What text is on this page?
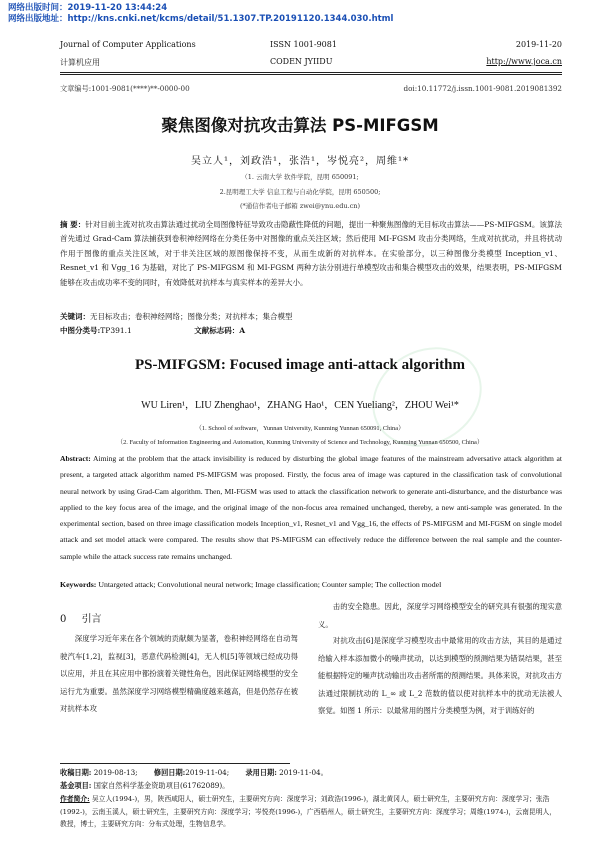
网络出版时间：2019-11-20 13:44:24
网络出版地址：http://kns.cnki.net/kcms/detail/51.1307.TP.20191120.1344.030.html
Journal of Computer Applications	ISSN 1001-9081	2019-11-20
计算机应用	CODEN JYIIDU	http://www.joca.cn
文章编号:1001-9081(****)**-0000-00	doi:10.11772/j.issn.1001-9081.2019081392
聚焦图像对抗攻击算法 PS-MIFGSM
吴立人¹，刘政浩¹，张浩¹，岑悦亮²，周维¹*
（1. 云南大学 软件学院，昆明 650091;
2.昆明理工大学 信息工程与自动化学院，昆明 650500;
(*通信作者电子邮箱 zwei@ynu.edu.cn)
摘 要：针对目前主流对抗攻击算法通过扰动全局图像特征导致攻击隐蔽性降低的问题，提出一种聚焦图像的无目标攻击算法——PS-MIFGSM。该算法首先通过 Grad-Cam 算法捕获到卷积神经网络在分类任务中对图像的重点关注区域；然后使用 MI-FGSM 攻击分类网络，生成对抗扰动，并且将扰动作用于图像的重点关注区域，对于非关注区域的原图像保持不变，从而生成新的对抗样本。在实验部分，以三种图像分类模型 Inception_v1、Resnet_v1 和 Vgg_16 为基础，对比了 PS-MIFGSM 和 MI-FGSM 两种方法分别进行单模型攻击和集合模型攻击的效果，结果表明，PS-MIFGSM 能够在攻击成功率不变的同时，有效降低对抗样本与真实样本的差异大小。
关键词：无目标攻击；卷积神经网络；图像分类；对抗样本；集合模型
中图分类号:TP391.1	文献标志码：A
PS-MIFGSM: Focused image anti-attack algorithm
WU Liren¹，LIU Zhenghao¹，ZHANG Hao¹，CEN Yueliang²，ZHOU Wei¹*
（1. School of software，Yunnan University, Kunming Yunnan 650091, China）
（2. Faculty of Information Engineering and Automation, Kunming University of Science and Technology, Kunming Yunnan 650500, China）
Abstract: Aiming at the problem that the attack invisibility is reduced by disturbing the global image features of the mainstream adversative attack algorithm at present, a targeted attack algorithm named PS-MIFGSM was proposed. Firstly, the focus area of image was captured in the classification task of convolutional neural network by using Grad-Cam algorithm. Then, MI-FGSM was used to attack the classification network to generate anti-disturbance, and the disturbance was applied to the key focus area of the image, and the original image of the non-focus area remained unchanged, thereby, a new anti-sample was generated. In the experimental section, based on three image classification models Inception_v1, Resnet_v1 and Vgg_16, the effects of PS-MIFGSM and MI-FGSM on single model attack and set model attack were compared. The results show that PS-MIFGSM can effectively reduce the difference between the real sample and the counter-sample while the attack success rate remains unchanged.
Keywords: Untargeted attack; Convolutional neural network; Image classification; Counter sample; The collection model
0 引言
深度学习近年来在各个领域的贡献颇为显著，卷积神经网络在自动驾驶汽车[1,2]，监视[3]，恶意代码检测[4]，无人机[5]等领域已经成功得以应用，并且在其应用中都扮演着关键性角色，因此保证网络模型的安全运行尤为重要。虽然深度学习网络模型精确度越来越高，但是仍然存在被对抗样本攻
击的安全隐患。因此，深度学习网络模型安全的研究具有很强的现实意义。
对抗攻击[6]是深度学习模型攻击中最常用的攻击方法，其目的是通过给输入样本添加微小的噪声扰动，以达到模型的预测结果为错误结果，甚至能根据特定的噪声扰动输出攻击者所需的预测结果。具体来说，对抗攻击方法通过限制扰动的 L_∞ 或 L_2 范数的值以使对抗样本中的扰动无法被人察觉。如图 1 所示：以最常用的图片分类模型为例，对于训练好的
收稿日期: 2019-08-13; 修回日期:2019-11-04; 录用日期: 2019-11-04。
基金项目: 国家自然科学基金资助项目(61762089)。
作者简介: 吴立人(1994-)，男，陕西咸阳人，硕士研究生，主要研究方向：深度学习；刘政浩(1996-)，湖北黄冈人，硕士研究生，主要研究方向：深度学习；张浩(1992-)，云南玉溪人，硕士研究生，主要研究方向：深度学习；岑悦亮(1996-)，广西梧州人，硕士研究生，主要研究方向：深度学习；周维(1974-)，云南昆明人，教授，博士，主要研究方向：分布式处理，生物信息学。
